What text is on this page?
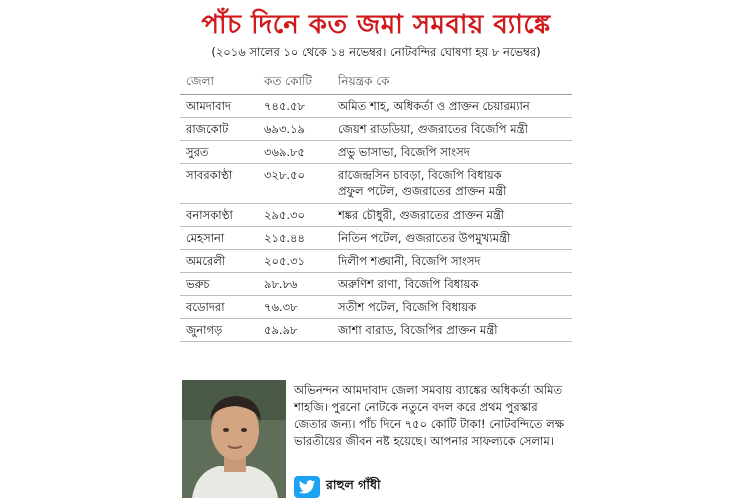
পাঁচ দিনে কত জমা সমবায় ব্যাঙ্কে
(২০১৬ সালের ১০ থেকে ১৪ নভেম্বর। নোটবন্দির ঘোষণা হয় ৮ নভেম্বর)
জেলা	কত কোটি	নিয়ন্ত্রক কে
আমদাবাদ	৭৪৫.৫৮	অমিত শাহ, অধিকর্তা ও প্রাক্তন চেয়ারম্যান
রাজকোট	৬৯৩.১৯	জেয়শ রাডডিয়া, গুজরাতের বিজেপি মন্ত্রী
সুরত	৩৬৯.৮৫	প্রভু ভাসাভা, বিজেপি সাংসদ
সাবরকাণ্ঠা	৩২৮.৫০	রাজেন্দ্রসিন চাবড়া, বিজেপি বিধায়ক
প্রফুল পটেল, গুজরাতের প্রাক্তন মন্ত্রী
বনাসকাণ্ঠা	২৯৫.৩০	শঙ্কর চৌধুরী, গুজরাতের প্রাক্তন মন্ত্রী
মেহসানা	২১৫.৪৪	নিতিন পটেল, গুজরাতের উপমুখ্যমন্ত্রী
অমরেলী	২০৫.৩১	দিলীপ শঙ্ঘানী, বিজেপি সাংসদ
ভরুচ	৯৮.৮৬	অরুণিশ রাণা, বিজেপি বিধায়ক
বডোদরা	৭৬.৩৮	সতীশ পটেল, বিজেপি বিধায়ক
জুনাগড়	৫৯.৯৮	জাশা বারাড, বিজেপির প্রাক্তন মন্ত্রী
অভিনন্দন আমদাবাদ জেলা সমবায় ব্যাঙ্কের অধিকর্তা অমিত শাহজি। পুরনো নোটকে নতুনে বদল করে প্রথম পুরস্কার জেতার জন্য। পাঁচ দিনে ৭৫০ কোটি টাকা! নোটবন্দিতে লক্ষ ভারতীয়ের জীবন নষ্ট হয়েছে। আপনার সাফল্যকে সেলাম।
রাহুল গাঁধী
